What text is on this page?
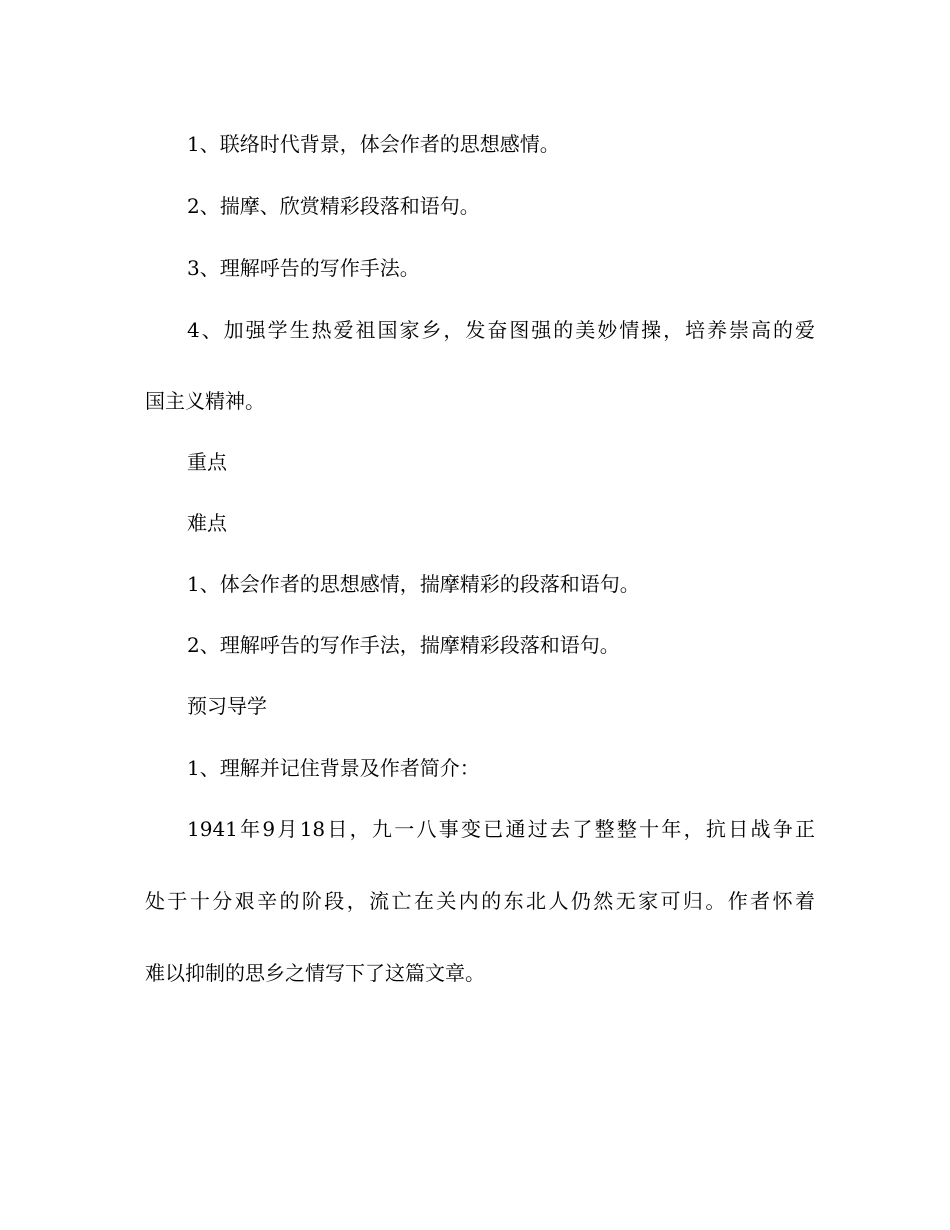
1、联络时代背景，体会作者的思想感情。
2、揣摩、欣赏精彩段落和语句。
3、理解呼告的写作手法。
4、加强学生热爱祖国家乡，发奋图强的美妙情操，培养崇高的爱
国主义精神。
重点
难点
1、体会作者的思想感情，揣摩精彩的段落和语句。
2、理解呼告的写作手法，揣摩精彩段落和语句。
预习导学
1、理解并记住背景及作者简介：
1941年9月18日，九一八事变已通过去了整整十年，抗日战争正
处于十分艰辛的阶段，流亡在关内的东北人仍然无家可归。作者怀着
难以抑制的思乡之情写下了这篇文章。
